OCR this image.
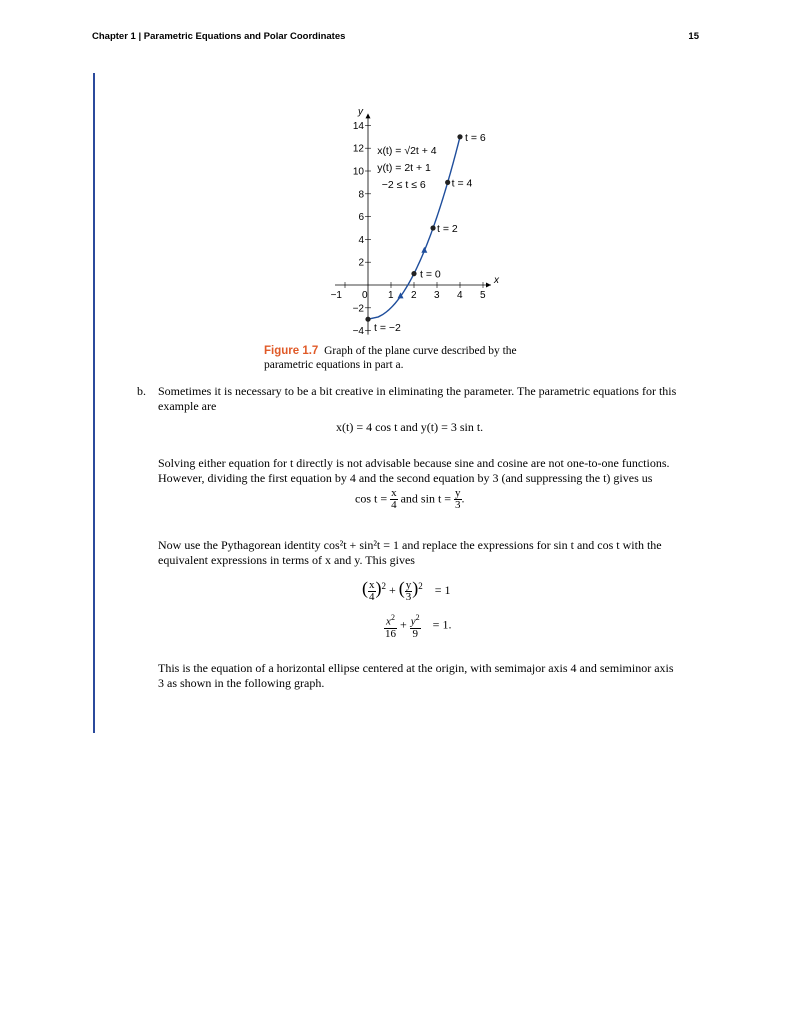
Chapter 1 | Parametric Equations and Polar Coordinates	15
x
y
−1 0 1 2 3 4 5
−4
−2
2
4
6
8
10
12
14
t = −2
t = 0
t = 2
t = 4
t = 6
x(t) = √2t + 4
y(t) = 2t + 1
−2 ≤ t ≤ 6
Figure 1.7 Graph of the plane curve described by the parametric equations in part a.
b. Sometimes it is necessary to be a bit creative in eliminating the parameter. The parametric equations for this example are
x(t) = 4 cos t and y(t) = 3 sin t.
Solving either equation for t directly is not advisable because sine and cosine are not one-to-one functions. However, dividing the first equation by 4 and the second equation by 3 (and suppressing the t) gives us
$\cos t = \frac{x}{4}$ and $\sin t = \frac{y}{3}$ .
Now use the Pythagorean identity cos²t + sin²t = 1 and replace the expressions for sin t and cos t with the equivalent expressions in terms of x and y. This gives
( $\frac{x}{4} )^2$ + ( $\frac{y}{3} )^2 = 1$
$\frac{x^2}{16} + \frac{y^2}{9} = 1$.
This is the equation of a horizontal ellipse centered at the origin, with semimajor axis 4 and semiminor axis 3 as shown in the following graph.
